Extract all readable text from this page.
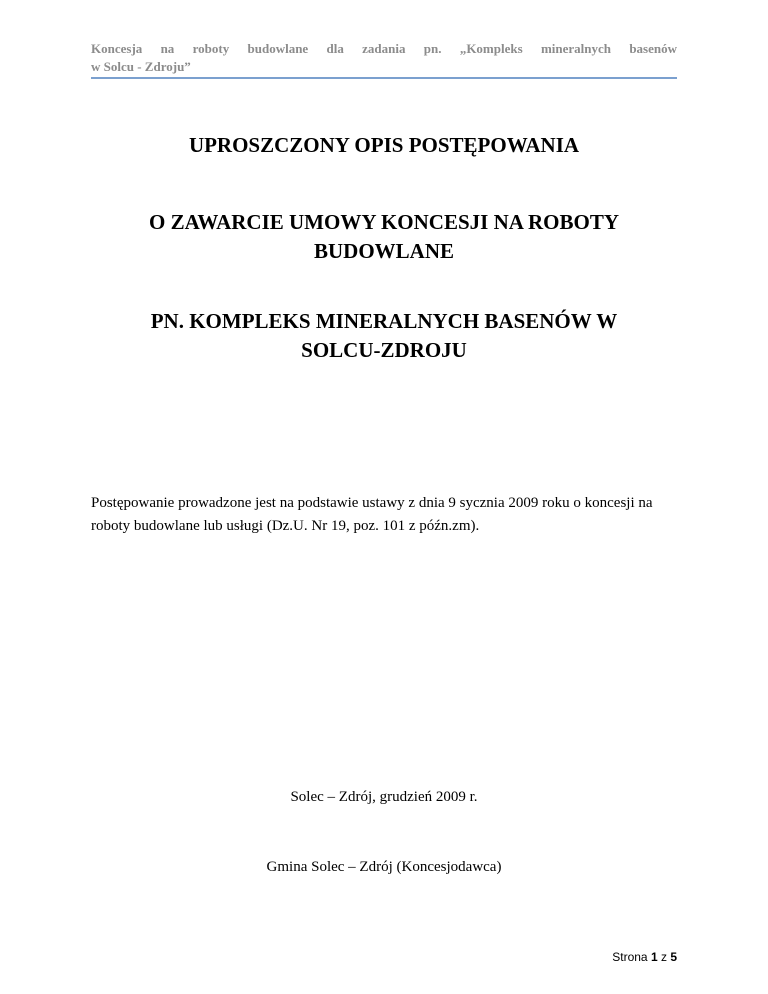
Koncesja na roboty budowlane dla zadania pn. „Kompleks mineralnych basenów
w Solcu - Zdroju”
UPROSZCZONY OPIS POSTĘPOWANIA
O ZAWARCIE UMOWY KONCESJI NA ROBOTY
BUDOWLANE
PN. KOMPLEKS MINERALNYCH BASENÓW W
SOLCU-ZDROJU

Postępowanie prowadzone jest na podstawie ustawy z dnia 9 sycznia 2009 roku o koncesji na roboty budowlane lub usługi (Dz.U. Nr 19, poz. 101 z późn.zm).

Solec – Zdrój, grudzień 2009 r.
Gmina Solec – Zdrój (Koncesjodawca)
Strona 1 z 5
